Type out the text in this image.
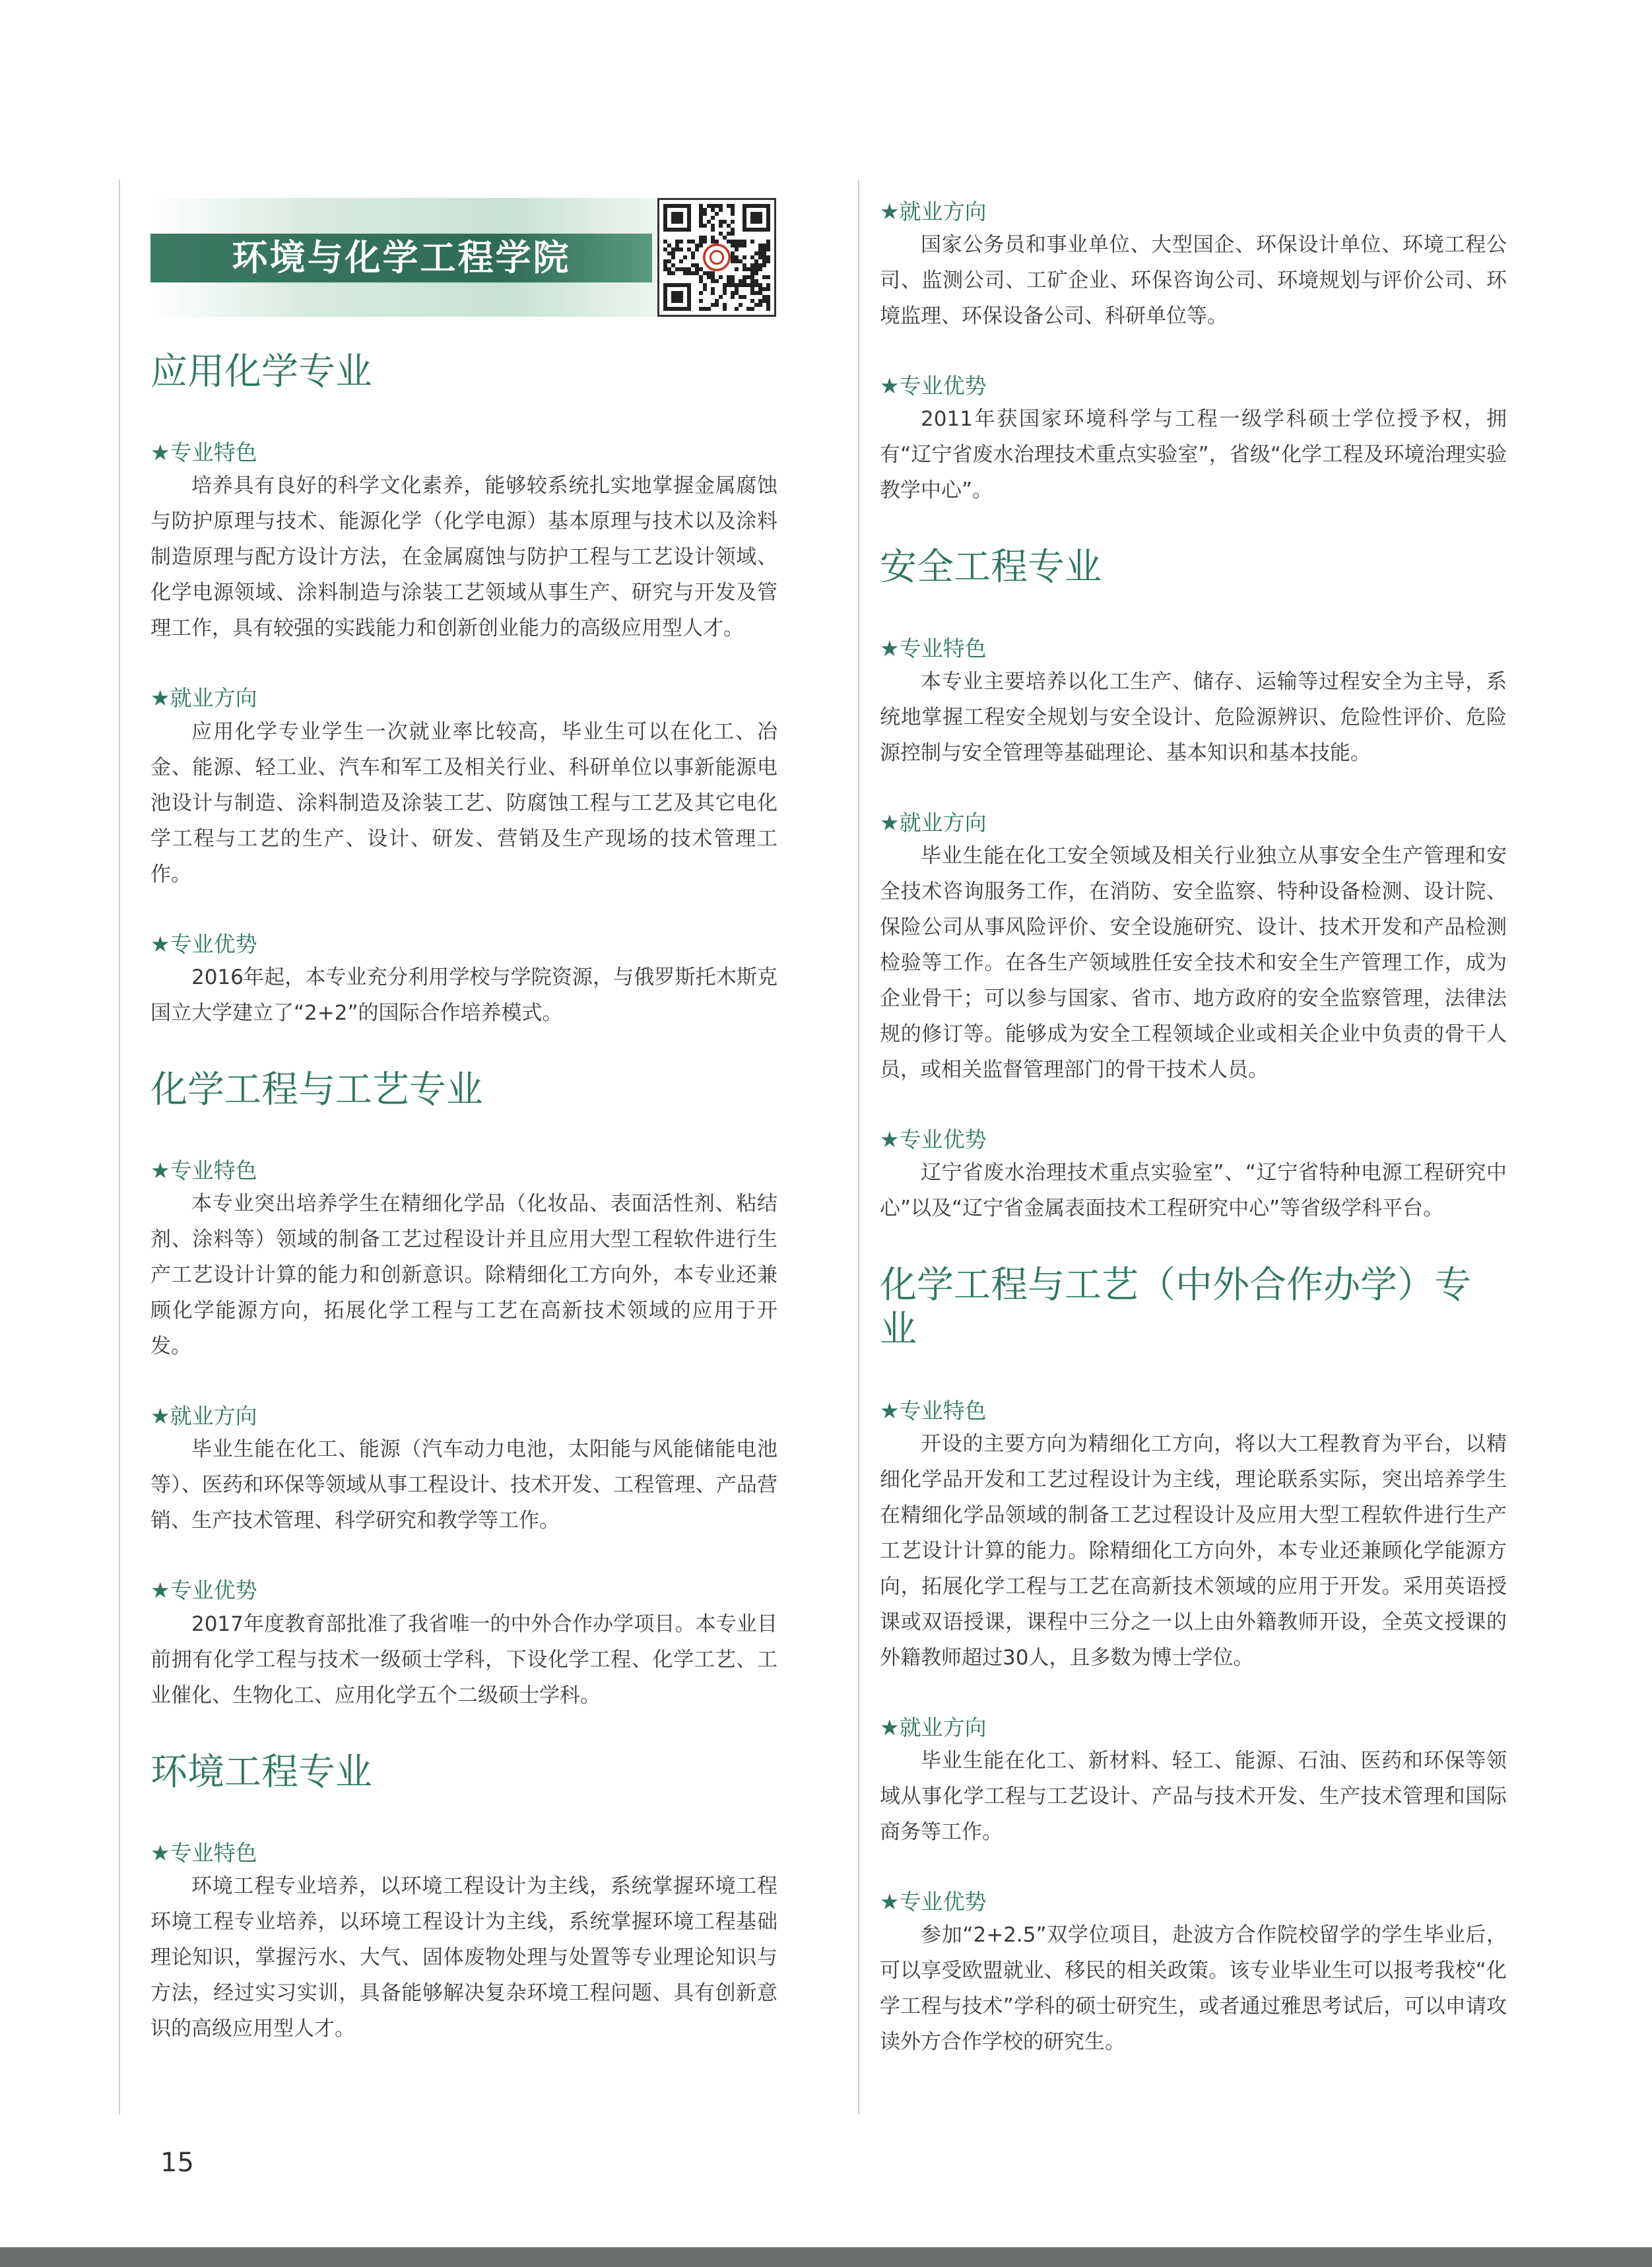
环境与化学工程学院
应用化学专业
★专业特色

培养具有良好的科学文化素养，能够较系统扎实地掌握金属腐蚀与防护原理与技术、能源化学（化学电源）基本原理与技术以及涂料制造原理与配方设计方法，在金属腐蚀与防护工程与工艺设计领域、化学电源领域、涂料制造与涂装工艺领域从事生产、研究与开发及管理工作，具有较强的实践能力和创新创业能力的高级应用型人才。

★就业方向

应用化学专业学生一次就业率比较高，毕业生可以在化工、冶金、能源、轻工业、汽车和军工及相关行业、科研单位以事新能源电池设计与制造、涂料制造及涂装工艺、防腐蚀工程与工艺及其它电化学工程与工艺的生产、设计、研发、营销及生产现场的技术管理工作。

★专业优势

2016年起，本专业充分利用学校与学院资源，与俄罗斯托木斯克国立大学建立了“2+2”的国际合作培养模式。

化学工程与工艺专业
★专业特色

本专业突出培养学生在精细化学品（化妆品、表面活性剂、粘结剂、涂料等）领域的制备工艺过程设计并且应用大型工程软件进行生产工艺设计计算的能力和创新意识。除精细化工方向外，本专业还兼顾化学能源方向，拓展化学工程与工艺在高新技术领域的应用于开发。

★就业方向

毕业生能在化工、能源（汽车动力电池，太阳能与风能储能电池等）、医药和环保等领域从事工程设计、技术开发、工程管理、产品营销、生产技术管理、科学研究和教学等工作。

★专业优势

2017年度教育部批准了我省唯一的中外合作办学项目。本专业目前拥有化学工程与技术一级硕士学科，下设化学工程、化学工艺、工业催化、生物化工、应用化学五个二级硕士学科。

环境工程专业
★专业特色

环境工程专业培养，以环境工程设计为主线，系统掌握环境工程环境工程专业培养，以环境工程设计为主线，系统掌握环境工程基础理论知识，掌握污水、大气、固体废物处理与处置等专业理论知识与方法，经过实习实训，具备能够解决复杂环境工程问题、具有创新意识的高级应用型人才。

★就业方向

国家公务员和事业单位、大型国企、环保设计单位、环境工程公司、监测公司、工矿企业、环保咨询公司、环境规划与评价公司、环境监理、环保设备公司、科研单位等。

★专业优势

2011年获国家环境科学与工程一级学科硕士学位授予权，拥有“辽宁省废水治理技术重点实验室”，省级“化学工程及环境治理实验教学中心”。

安全工程专业
★专业特色

本专业主要培养以化工生产、储存、运输等过程安全为主导，系统地掌握工程安全规划与安全设计、危险源辨识、危险性评价、危险源控制与安全管理等基础理论、基本知识和基本技能。

★就业方向

毕业生能在化工安全领域及相关行业独立从事安全生产管理和安全技术咨询服务工作，在消防、安全监察、特种设备检测、设计院、保险公司从事风险评价、安全设施研究、设计、技术开发和产品检测检验等工作。在各生产领域胜任安全技术和安全生产管理工作，成为企业骨干；可以参与国家、省市、地方政府的安全监察管理，法律法规的修订等。能够成为安全工程领域企业或相关企业中负责的骨干人员，或相关监督管理部门的骨干技术人员。

★专业优势

辽宁省废水治理技术重点实验室”、“辽宁省特种电源工程研究中心”以及“辽宁省金属表面技术工程研究中心”等省级学科平台。

化学工程与工艺（中外合作办学）专业
★专业特色

开设的主要方向为精细化工方向，将以大工程教育为平台，以精细化学品开发和工艺过程设计为主线，理论联系实际，突出培养学生在精细化学品领域的制备工艺过程设计及应用大型工程软件进行生产工艺设计计算的能力。除精细化工方向外，本专业还兼顾化学能源方向，拓展化学工程与工艺在高新技术领域的应用于开发。采用英语授课或双语授课，课程中三分之一以上由外籍教师开设，全英文授课的外籍教师超过30人，且多数为博士学位。

★就业方向

毕业生能在化工、新材料、轻工、能源、石油、医药和环保等领域从事化学工程与工艺设计、产品与技术开发、生产技术管理和国际商务等工作。

★专业优势

参加“2+2.5”双学位项目，赴波方合作院校留学的学生毕业后，可以享受欧盟就业、移民的相关政策。该专业毕业生可以报考我校“化学工程与技术”学科的硕士研究生，或者通过雅思考试后，可以申请攻读外方合作学校的研究生。

15
